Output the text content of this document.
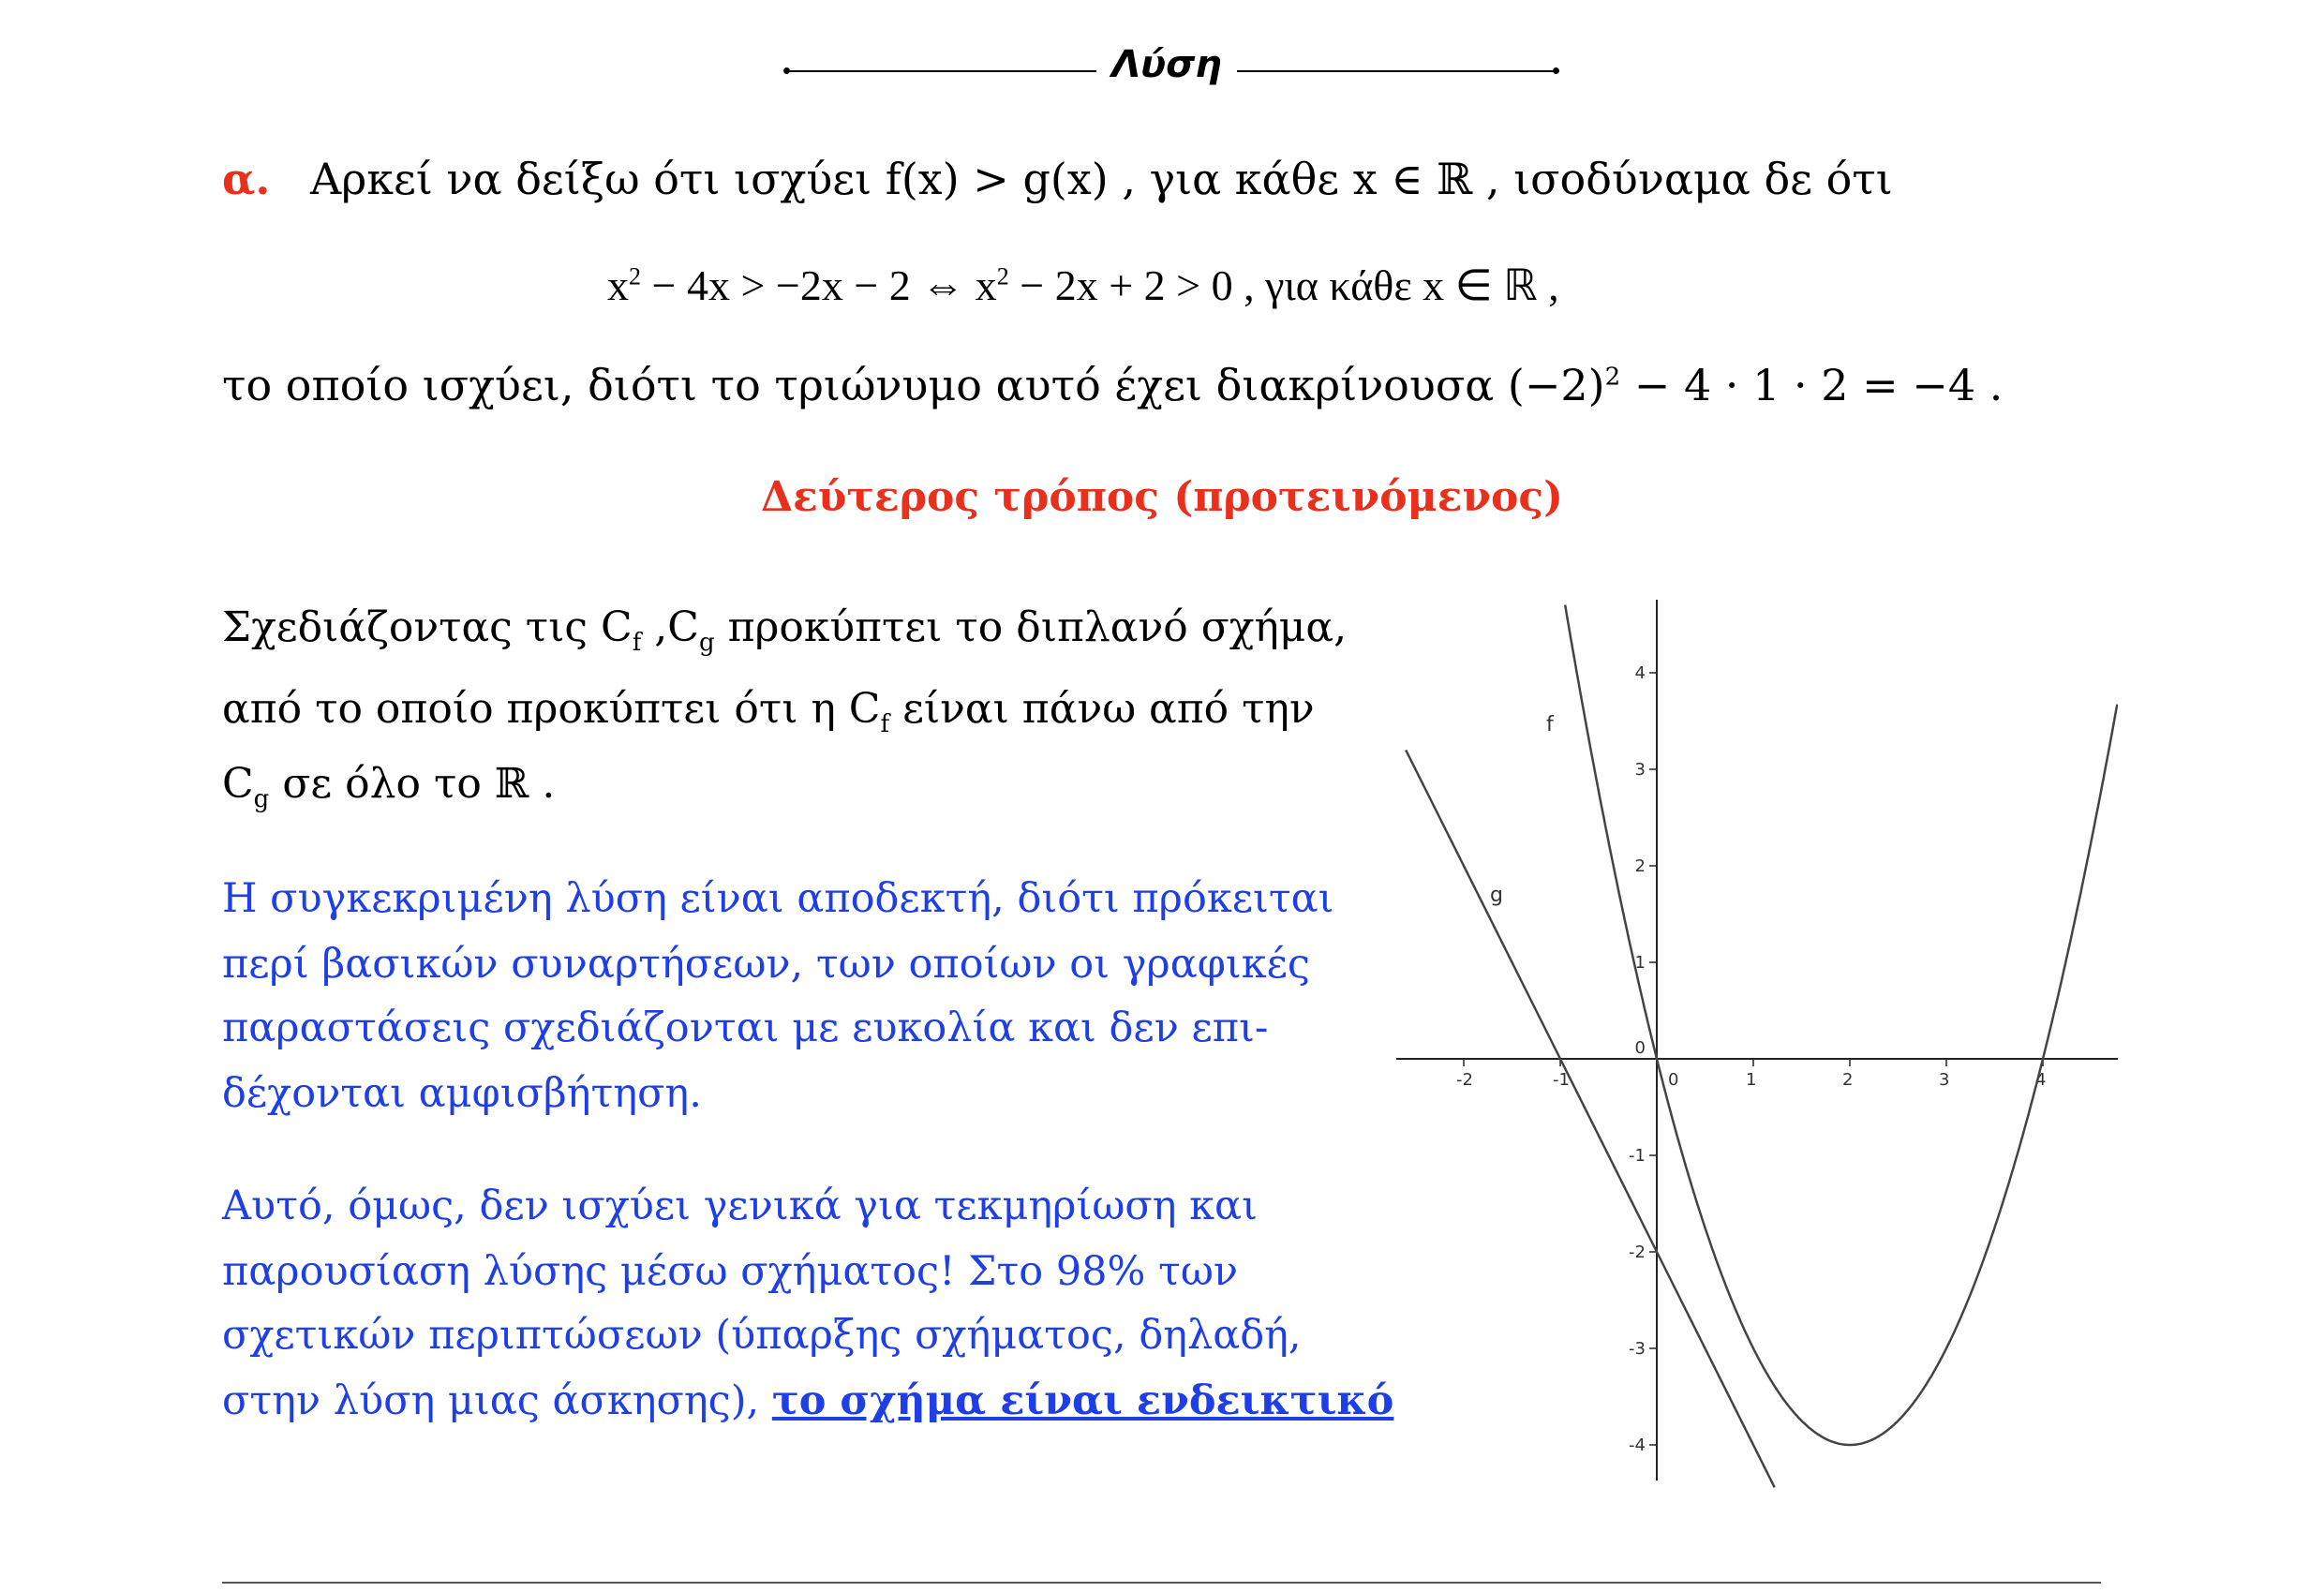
Λύση
α. Αρκεί να δείξω ότι ισχύει f(x) > g(x) , για κάθε x ∈ ℝ , ισοδύναμα δε ότι
$x^2 - 4x > -2x - 2$ ⇔ $x^2 - 2x + 2 > 0$ , για κάθε x ∈ ℝ ,
το οποίο ισχύει, διότι το τριώνυμο αυτό έχει διακρίνουσα $(-2)^2 - 4 \cdot 1 \cdot 2 = -4$ .
Δεύτερος τρόπος (προτεινόμενος)
Σχεδιάζοντας τις $C_f$ $,C_g$ προκύπτει το διπλανό σχήμα,
από το οποίο προκύπτει ότι η $C_f$ είναι πάνω από την
$C_g$ σε όλο το ℝ .
Η συγκεκριμένη λύση είναι αποδεκτή, διότι πρόκειται
περί βασικών συναρτήσεων, των οποίων οι γραφικές
παραστάσεις σχεδιάζονται με ευκολία και δεν επι-
δέχονται αμφισβήτηση.
Αυτό, όμως, δεν ισχύει γενικά για τεκμηρίωση και
παρουσίαση λύσης μέσω σχήματος! Στο 98% των
σχετικών περιπτώσεων (ύπαρξης σχήματος, δηλαδή,
στην λύση μιας άσκησης), το σχήμα είναι ενδεικτικό
-2	-1	0	1	2	3	4
4
3
2
1
0
-1
-2
-3
-4
f
g
